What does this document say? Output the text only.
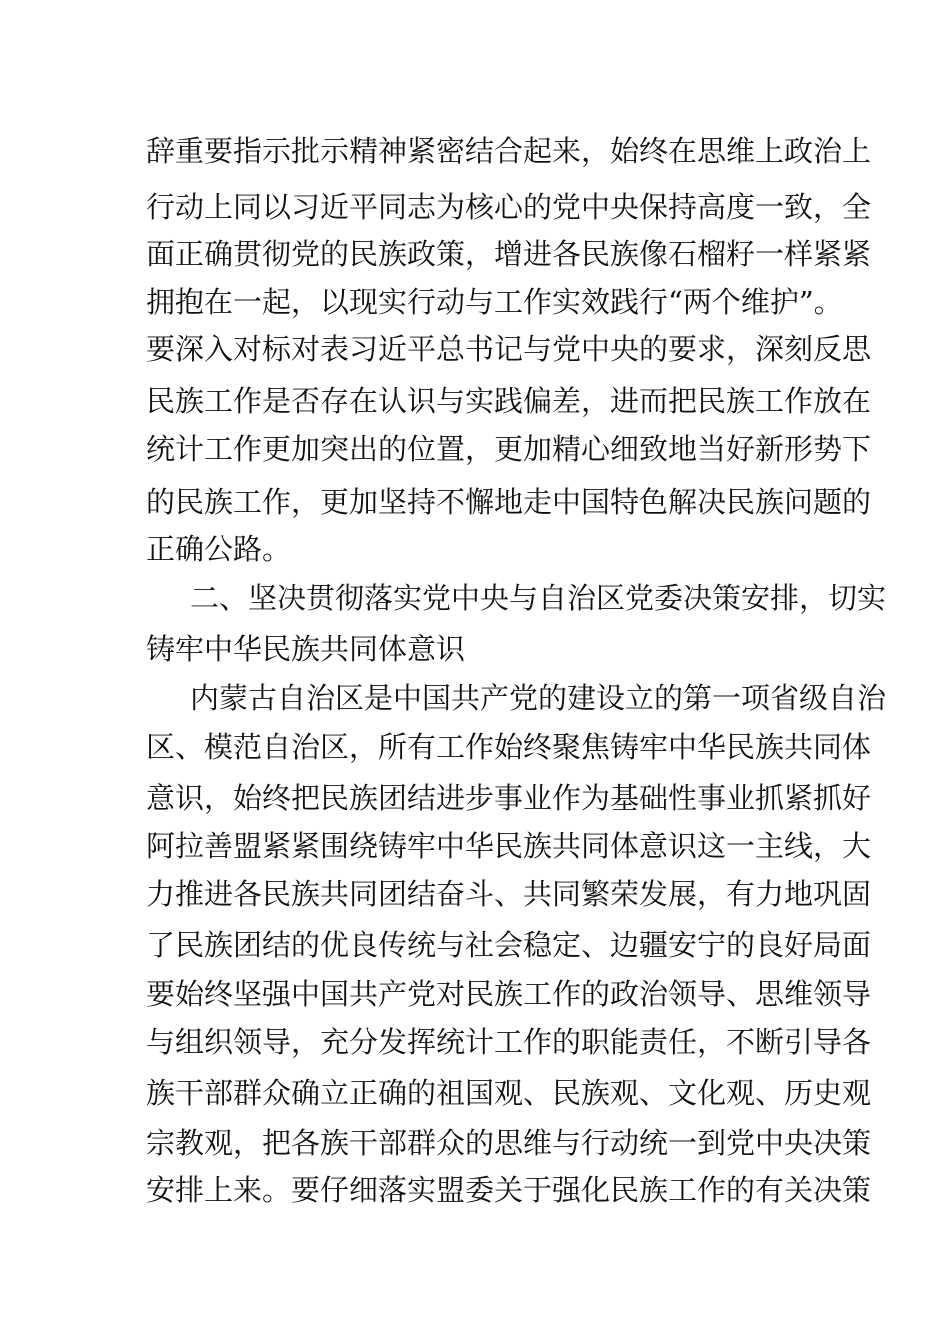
辞重要指示批示精神紧密结合起来，始终在思维上政治上
行动上同以习近平同志为核心的党中央保持高度一致，全
面正确贯彻党的民族政策，增进各民族像石榴籽一样紧紧
拥抱在一起，以现实行动与工作实效践行“两个维护”。
要深入对标对表习近平总书记与党中央的要求，深刻反思
民族工作是否存在认识与实践偏差，进而把民族工作放在
统计工作更加突出的位置，更加精心细致地当好新形势下
的民族工作，更加坚持不懈地走中国特色解决民族问题的
正确公路。
二、坚决贯彻落实党中央与自治区党委决策安排，切实
铸牢中华民族共同体意识
内蒙古自治区是中国共产党的建设立的第一项省级自治
区、模范自治区，所有工作始终聚焦铸牢中华民族共同体
意识，始终把民族团结进步事业作为基础性事业抓紧抓好
阿拉善盟紧紧围绕铸牢中华民族共同体意识这一主线，大
力推进各民族共同团结奋斗、共同繁荣发展，有力地巩固
了民族团结的优良传统与社会稳定、边疆安宁的良好局面
要始终坚强中国共产党对民族工作的政治领导、思维领导
与组织领导，充分发挥统计工作的职能责任，不断引导各
族干部群众确立正确的祖国观、民族观、文化观、历史观
宗教观，把各族干部群众的思维与行动统一到党中央决策
安排上来。要仔细落实盟委关于强化民族工作的有关决策
